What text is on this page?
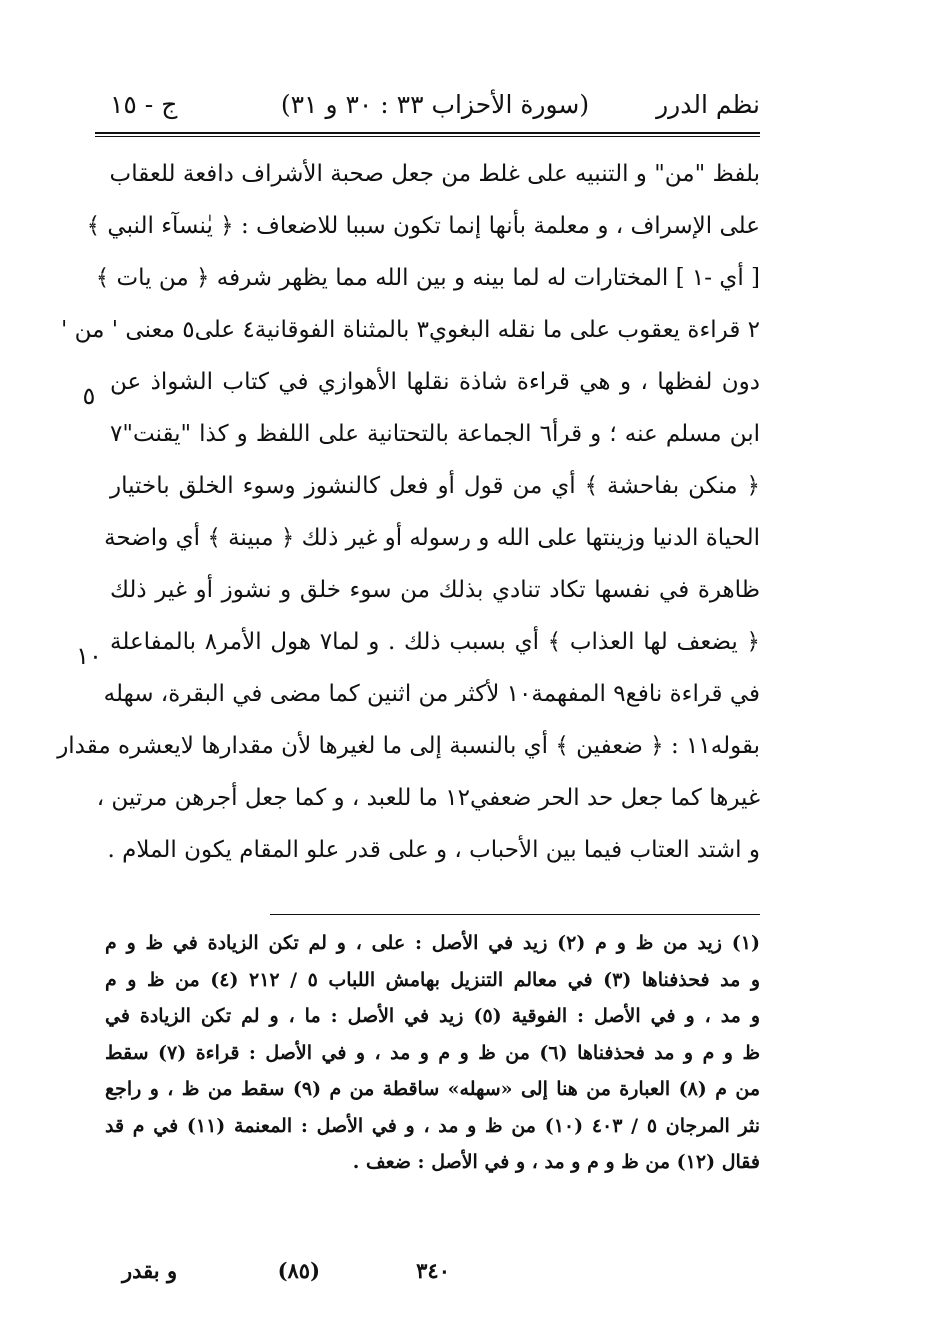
نظم الدرر
(سورة الأحزاب ٣٣ : ٣٠ و ٣١)
ج - ١٥
٥
١٠
بلفظ "من" و التنبيه على غلط من جعل صحبة الأشراف دافعة للعقاب
على الإسراف ، و معلمة بأنها إنما تكون سببا للاضعاف : ﴿ يٰنسآء النبي ﴾
[ أي -١ ] المختارات له لما بينه و بين الله مما يظهر شرفه ﴿ من يات ﴾
٢ قراءة يعقوب على ما نقله البغوي٣ بالمثناة الفوقانية٤ على٥ معنى ' من '
دون لفظها ، و هي قراءة شاذة نقلها الأهوازي في كتاب الشواذ عن
ابن مسلم عنه ؛ و قرأ٦ الجماعة بالتحتانية على اللفظ و كذا "يقنت"٧
﴿ منكن بفاحشة ﴾ أي من قول أو فعل كالنشوز وسوء الخلق باختيار
الحياة الدنيا وزينتها على الله و رسوله أو غير ذلك ﴿ مبينة ﴾ أي واضحة
ظاهرة في نفسها تكاد تنادي بذلك من سوء خلق و نشوز أو غير ذلك
﴿ يضعف لها العذاب ﴾ أي بسبب ذلك . و لما٧ هول الأمر٨ بالمفاعلة
في قراءة نافع٩ المفهمة١٠ لأكثر من اثنين كما مضى في البقرة، سهله
بقوله١١ : ﴿ ضعفين ﴾ أي بالنسبة إلى ما لغيرها لأن مقدارها لايعشره مقدار
غيرها كما جعل حد الحر ضعفي١٢ ما للعبد ، و كما جعل أجرهن مرتين ،
و اشتد العتاب فيما بين الأحباب ، و على قدر علو المقام يكون الملام .
(١) زيد من ظ و م (٢) زيد في الأصل : على ، و لم تكن الزيادة في ظ و م
و مد فحذفناها (٣) في معالم التنزيل بهامش اللباب ٥ / ٢١٢ (٤) من ظ و م
و مد ، و في الأصل : الفوقية (٥) زيد في الأصل : ما ، و لم تكن الزيادة في
ظ و م و مد فحذفناها (٦) من ظ و م و مد ، و في الأصل : قراءة (٧) سقط
من م (٨) العبارة من هنا إلى «سهله» ساقطة من م (٩) سقط من ظ ، و راجع
نثر المرجان ٥ / ٤٠٣ (١٠) من ظ و مد ، و في الأصل : المعنمة (١١) في م قد
فقال (١٢) من ظ و م و مد ، و في الأصل : ضعف .
٣٤٠
(٨٥)
و بقدر
